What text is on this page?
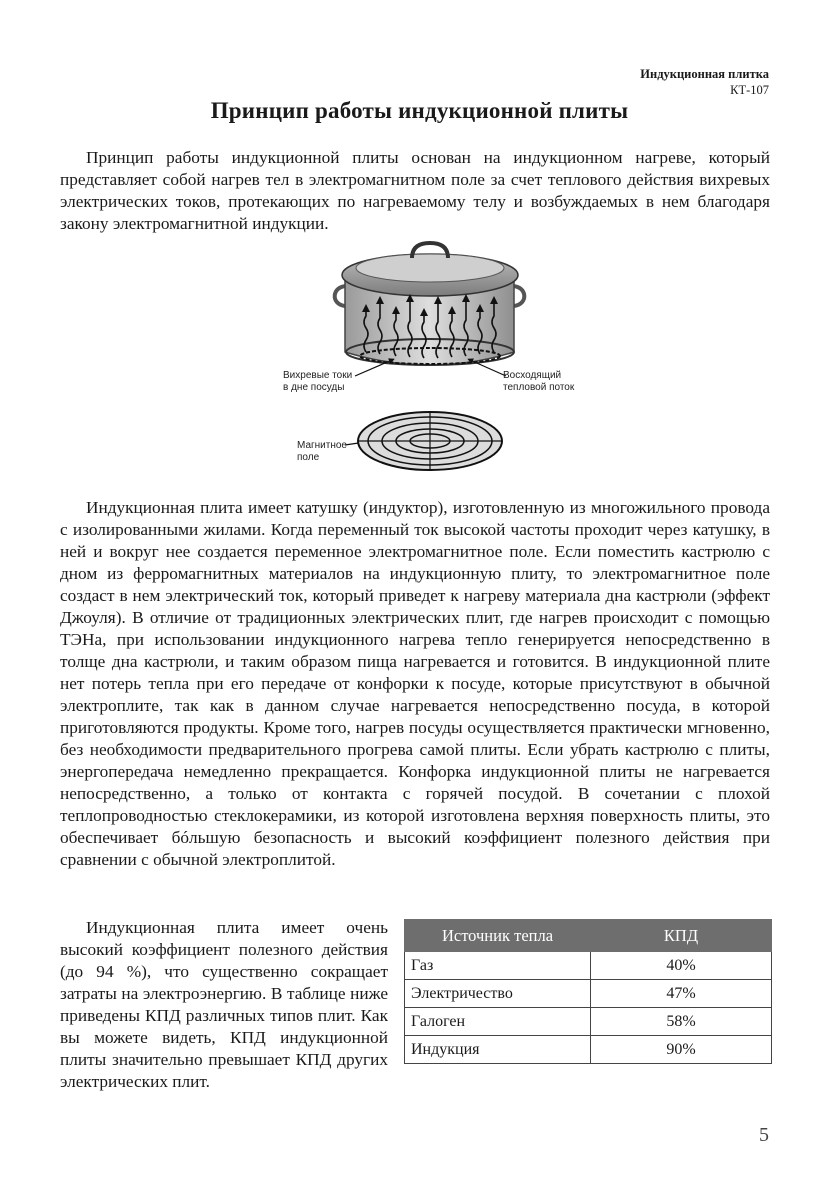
Индукционная плитка
КТ-107
Принцип работы индукционной плиты

Принцип работы индукционной плиты основан на индукционном нагреве, который представляет собой нагрев тел в электромагнитном поле за счет теплового действия вихревых электрических токов, протекающих по нагреваемому телу и возбуждаемых в нем благодаря закону электромагнитной индукции.

Вихревые токи
в дне посуды
Восходящий
тепловой поток
Магнитное
поле

Индукционная плита имеет катушку (индуктор), изготовленную из многожильного провода с изолированными жилами. Когда переменный ток высокой частоты проходит через катушку, в ней и вокруг нее создается переменное электромагнитное поле. Если поместить кастрюлю с дном из ферромагнитных материалов на индукционную плиту, то электромагнитное поле создаст в нем электрический ток, который приведет к нагреву материала дна кастрюли (эффект Джоуля). В отличие от традиционных электрических плит, где нагрев происходит с помощью ТЭНа, при использовании индукционного нагрева тепло генерируется непосредственно в толще дна кастрюли, и таким образом пища нагревается и готовится. В индукционной плите нет потерь тепла при его передаче от конфорки к посуде, которые присутствуют в обычной электроплите, так как в данном случае нагревается непосредственно посуда, в которой приготовляются продукты. Кроме того, нагрев посуды осуществляется практически мгновенно, без необходимости предварительного прогрева самой плиты. Если убрать кастрюлю с плиты, энергопередача немедленно прекращается. Конфорка индукционной плиты не нагревается непосредственно, а только от контакта с горячей посудой. В сочетании с плохой теплопроводностью стеклокерамики, из которой изготовлена верхняя поверхность плиты, это обеспечивает бóльшую безопасность и высокий коэффициент полезного действия при сравнении с обычной электроплитой.

Индукционная плита имеет очень высокий коэффициент полезного действия (до 94 %), что существенно сокращает затраты на электроэнергию. В таблице ниже приведены КПД различных типов плит. Как вы можете видеть, КПД индукционной плиты значительно превышает КПД других электрических плит.

Источник тепла	КПД
Газ	40%
Электричество	47%
Галоген	58%
Индукция	90%
5
